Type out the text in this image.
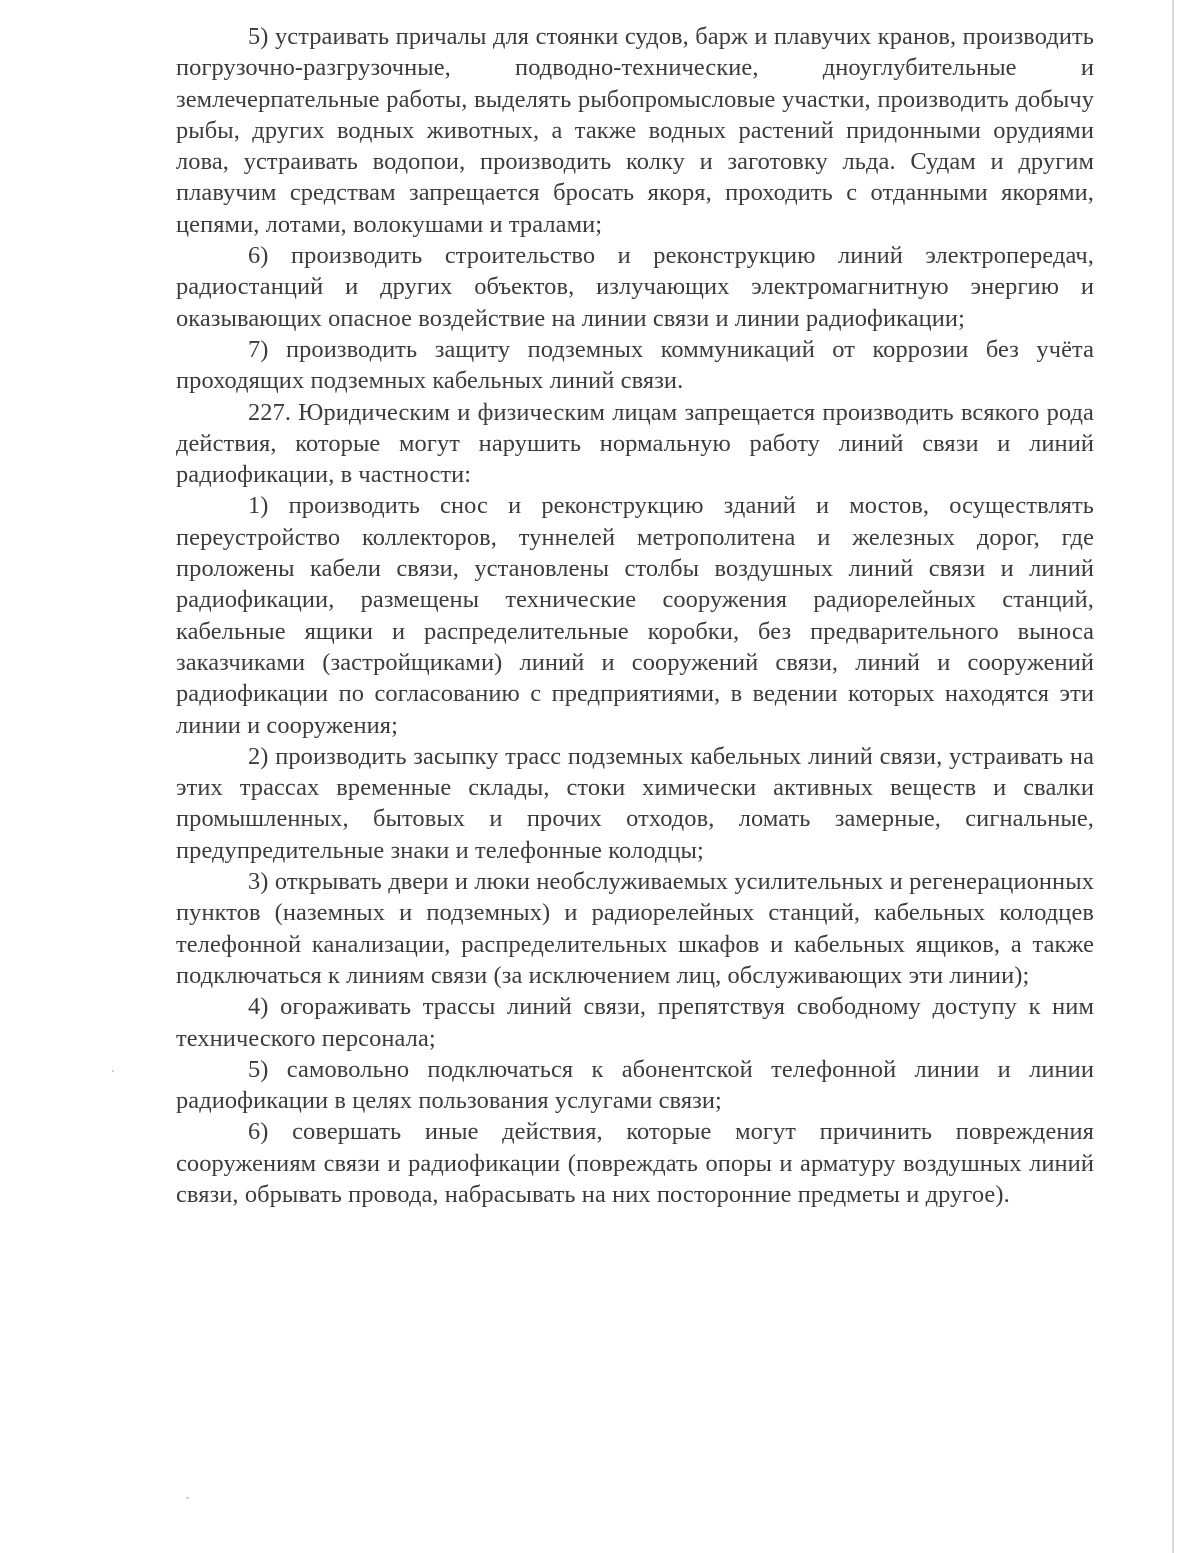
5) устраивать причалы для стоянки судов, барж и плавучих кранов, производить погрузочно-разгрузочные, подводно-технические, дноуглубительные и землечерпательные работы, выделять рыбопромысловые участки, производить добычу рыбы, других водных животных, а также водных растений придонными орудиями лова, устраивать водопои, производить колку и заготовку льда. Судам и другим плавучим средствам запрещается бросать якоря, проходить с отданными якорями, цепями, лотами, волокушами и тралами;

6) производить строительство и реконструкцию линий электропередач, радиостанций и других объектов, излучающих электромагнитную энергию и оказывающих опасное воздействие на линии связи и линии радиофикации;

7) производить защиту подземных коммуникаций от коррозии без учёта проходящих подземных кабельных линий связи.

227. Юридическим и физическим лицам запрещается производить всякого рода действия, которые могут нарушить нормальную работу линий связи и линий радиофикации, в частности:

1) производить снос и реконструкцию зданий и мостов, осуществлять переустройство коллекторов, туннелей метрополитена и железных дорог, где проложены кабели связи, установлены столбы воздушных линий связи и линий радиофикации, размещены технические сооружения радиорелейных станций, кабельные ящики и распределительные коробки, без предварительного выноса заказчиками (застройщиками) линий и сооружений связи, линий и сооружений радиофикации по согласованию с предприятиями, в ведении которых находятся эти линии и сооружения;

2) производить засыпку трасс подземных кабельных линий связи, устраивать на этих трассах временные склады, стоки химически активных веществ и свалки промышленных, бытовых и прочих отходов, ломать замерные, сигнальные, предупредительные знаки и телефонные колодцы;

3) открывать двери и люки необслуживаемых усилительных и регенерационных пунктов (наземных и подземных) и радиорелейных станций, кабельных колодцев телефонной канализации, распределительных шкафов и кабельных ящиков, а также подключаться к линиям связи (за исключением лиц, обслуживающих эти линии);

4) огораживать трассы линий связи, препятствуя свободному доступу к ним технического персонала;

5) самовольно подключаться к абонентской телефонной линии и линии радиофикации в целях пользования услугами связи;

6) совершать иные действия, которые могут причинить повреждения сооружениям связи и радиофикации (повреждать опоры и арматуру воздушных линий связи, обрывать провода, набрасывать на них посторонние предметы и другое).
